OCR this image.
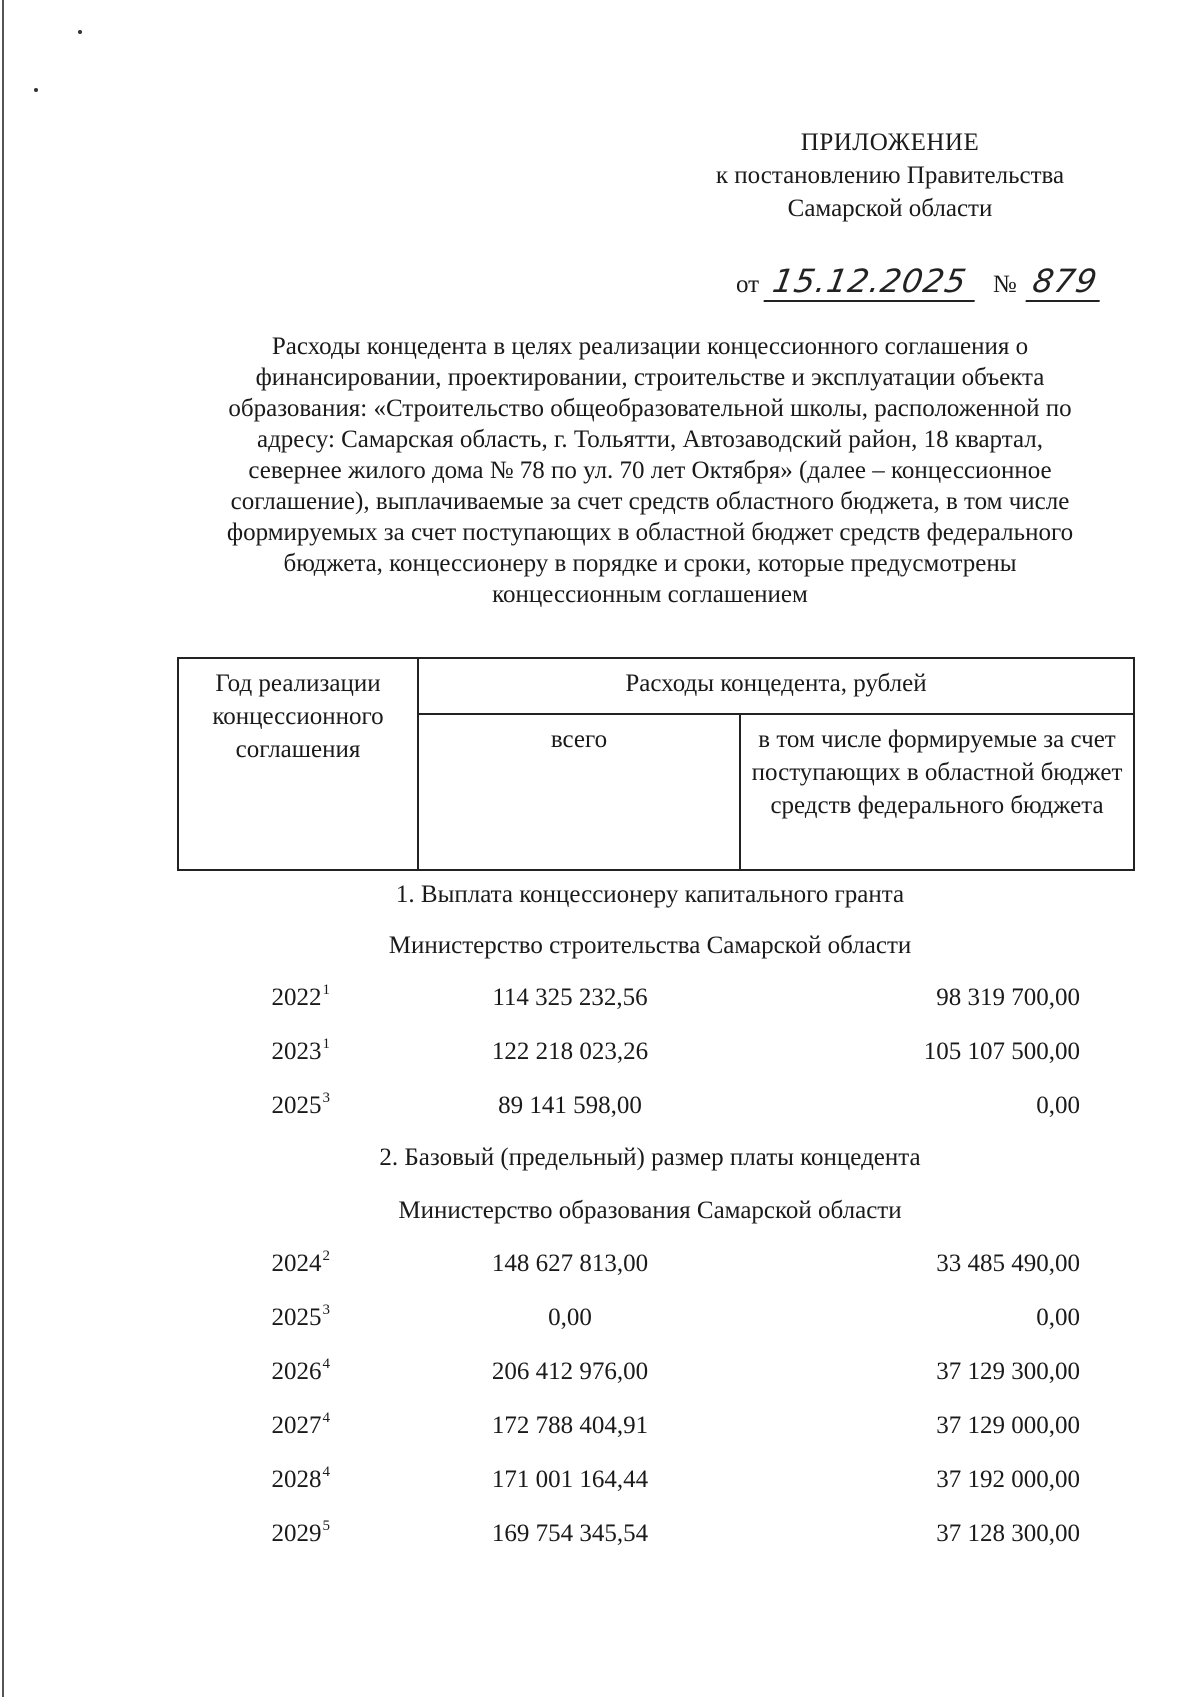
ПРИЛОЖЕНИЕ
к постановлению Правительства
Самарской области
от 15.12.2025 № 879
Расходы концедента в целях реализации концессионного соглашения о
финансировании, проектировании, строительстве и эксплуатации объекта
образования: «Строительство общеобразовательной школы, расположенной по
адресу: Самарская область, г. Тольятти, Автозаводский район, 18 квартал,
севернее жилого дома № 78 по ул. 70 лет Октября» (далее – концессионное
соглашение), выплачиваемые за счет средств областного бюджета, в том числе
формируемых за счет поступающих в областной бюджет средств федерального
бюджета, концессионеру в порядке и сроки, которые предусмотрены
концессионным соглашением
Год реализации концессионного соглашения	Расходы концедента, рублей	
	всего	в том числе формируемые за счет поступающих в областной бюджет средств федерального бюджета
1. Выплата концессионеру капитального гранта
Министерство строительства Самарской области
2022$^1$	114 325 232,56	98 319 700,00
2023$^1$	122 218 023,26	105 107 500,00
2025$^3$	89 141 598,00	0,00
2. Базовый (предельный) размер платы концедента
Министерство образования Самарской области
2024$^2$	148 627 813,00	33 485 490,00
2025$^3$	0,00	0,00
2026$^4$	206 412 976,00	37 129 300,00
2027$^4$	172 788 404,91	37 129 000,00
2028$^4$	171 001 164,44	37 192 000,00
2029$^5$	169 754 345,54	37 128 300,00
